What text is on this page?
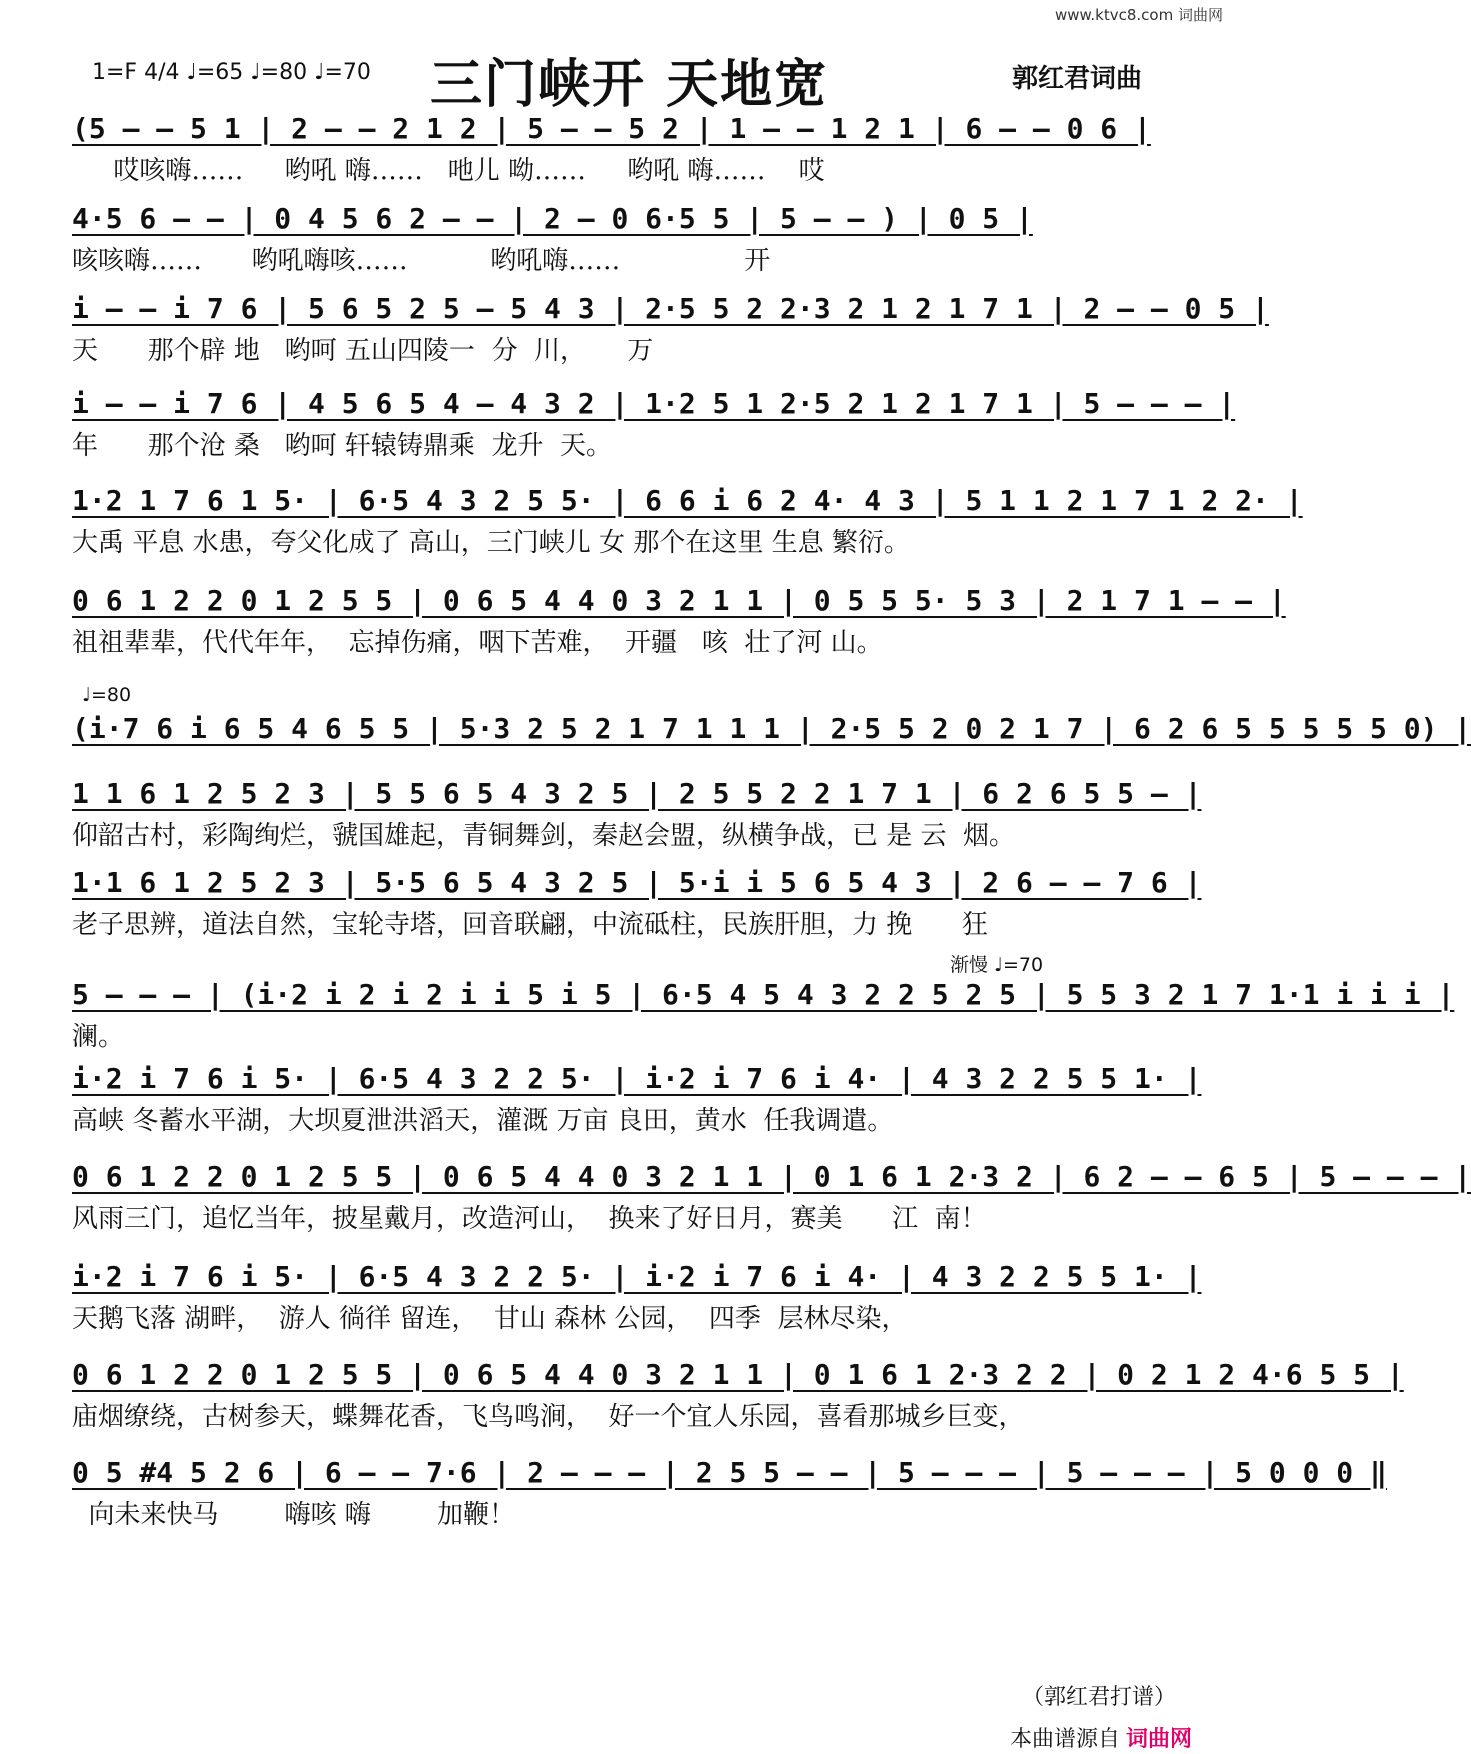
www.ktvc8.com 词曲网
1=F 4/4 ♩=65 ♩=80 ♩=70 三门峡开 天地宽	郭红君词曲
(5 – – 5 1 | 2 – – 2 1 2 | 5 – – 5 2 | 1 – – 1 2 1 | 6 – – 0 6 |
哎咳嗨……     哟吼 嗨……   吔儿 呦……     哟吼 嗨……    哎
4·5 6 – – | 0 4 5 6 2 – – | 2 – 0 6·5 5 | 5 – – ) | 0 5 |
咳咳嗨……      哟吼嗨咳……          哟吼嗨……               开
i – – i 7 6 | 5 6 5 2 5 – 5 4 3 | 2·5 5 2 2·3 2 1 2 1 7 1 | 2 – – 0 5 |
天      那个辟 地   哟呵 五山四陵一  分  川，     万
i – – i 7 6 | 4 5 6 5 4 – 4 3 2 | 1·2 5 1 2·5 2 1 2 1 7 1 | 5 – – – |
年      那个沧 桑   哟呵 轩辕铸鼎乘  龙升  天。
1·2 1 7 6 1 5· | 6·5 4 3 2 5 5· | 6 6 i 6 2 4· 4 3 | 5 1 1 2 1 7 1 2 2· |
大禹 平息 水患，夸父化成了 高山，三门峡儿 女 那个在这里 生息 繁衍。
0 6 1 2 2 0 1 2 5 5 | 0 6 5 4 4 0 3 2 1 1 | 0 5 5 5· 5 3 | 2 1 7 1 – – |
祖祖辈辈，代代年年，  忘掉伤痛，咽下苦难，  开疆   咳  壮了河 山。
♩=80
(i·7 6 i 6 5 4 6 5 5 | 5·3 2 5 2 1 7 1 1 1 | 2·5 5 2 0 2 1 7 | 6 2 6 5 5 5 5 5 0) |
1 1 6 1 2 5 2 3 | 5 5 6 5 4 3 2 5 | 2 5 5 2 2 1 7 1 | 6 2 6 5 5 – |
仰韶古村，彩陶绚烂，虢国雄起，青铜舞剑，秦赵会盟，纵横争战，已 是 云  烟。
1·1 6 1 2 5 2 3 | 5·5 6 5 4 3 2 5 | 5·i i 5 6 5 4 3 | 2 6 – – 7 6 |
老子思辨，道法自然，宝轮寺塔，回音联翩，中流砥柱，民族肝胆，力 挽      狂
渐慢 ♩=70
5 – – – | (i·2 i 2 i 2 i i 5 i 5 | 6·5 4 5 4 3 2 2 5 2 5 | 5 5 3 2 1 7 1·1 i i i |
澜。
i·2 i 7 6 i 5· | 6·5 4 3 2 2 5· | i·2 i 7 6 i 4· | 4 3 2 2 5 5 1· |
高峡 冬蓄水平湖，大坝夏泄洪滔天，灌溉 万亩 良田，黄水  任我调遣。
0 6 1 2 2 0 1 2 5 5 | 0 6 5 4 4 0 3 2 1 1 | 0 1 6 1 2·3 2 | 6 2 – – 6 5 | 5 – – – |
风雨三门，追忆当年，披星戴月，改造河山，  换来了好日月，赛美      江  南！
i·2 i 7 6 i 5· | 6·5 4 3 2 2 5· | i·2 i 7 6 i 4· | 4 3 2 2 5 5 1· |
天鹅飞落 湖畔，  游人 徜徉 留连，  甘山 森林 公园，  四季  层林尽染，
0 6 1 2 2 0 1 2 5 5 | 0 6 5 4 4 0 3 2 1 1 | 0 1 6 1 2·3 2 2 | 0 2 1 2 4·6 5 5 |
庙烟缭绕，古树参天，蝶舞花香，飞鸟鸣涧，  好一个宜人乐园，喜看那城乡巨变，
0 5 #4 5 2 6 | 6 – – 7·6 | 2 – – – | 2 5 5 – – | 5 – – – | 5 – – – | 5 0 0 0 ‖
向未来快马        嗨咳 嗨        加鞭！
（郭红君打谱）
本曲谱源自 词曲网
